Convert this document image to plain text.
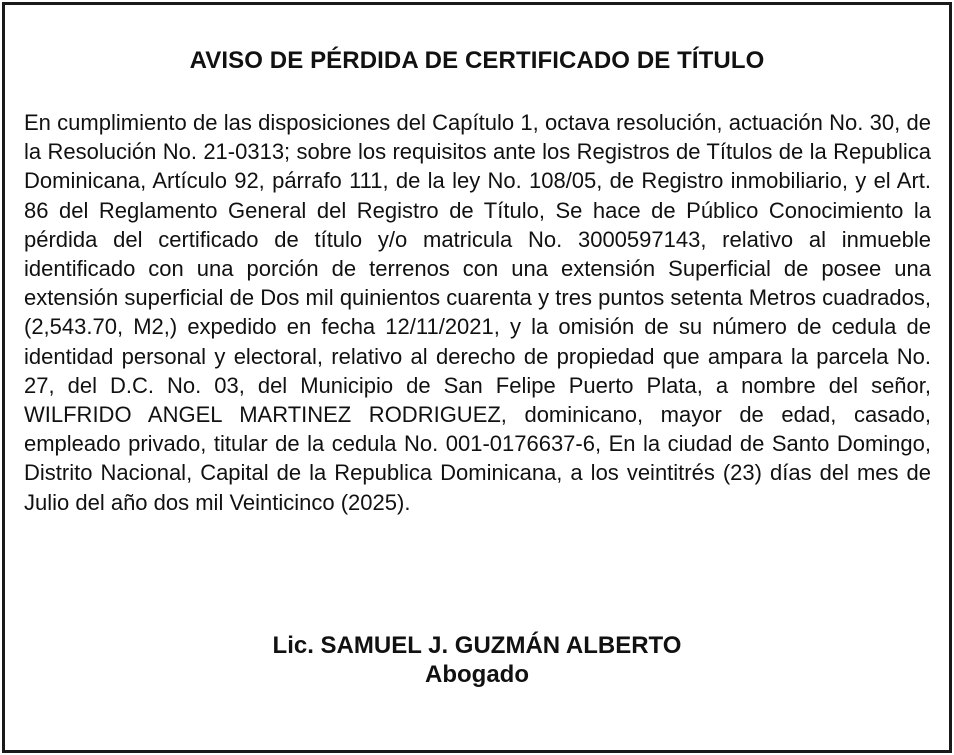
AVISO DE PÉRDIDA DE CERTIFICADO DE TÍTULO

En cumplimiento de las disposiciones del Capítulo 1, octava resolución, actuación No. 30, de la Resolución No. 21-0313; sobre los requisitos ante los Registros de Títulos de la Republica Dominicana, Artículo 92, párrafo 111, de la ley No. 108/05, de Registro inmobiliario, y el Art. 86 del Reglamento General del Registro de Título, Se hace de Público Conocimiento la pérdida del certificado de título y/o matricula No. 3000597143, relativo al inmueble identificado con una porción de terrenos con una extensión Superficial de posee una extensión superficial de Dos mil quinientos cuarenta y tres puntos setenta Metros cuadrados, (2,543.70, M2,) expedido en fecha 12/11/2021, y la omisión de su número de cedula de identidad personal y electoral, relativo al derecho de propiedad que ampara la parcela No. 27, del D.C. No. 03, del Municipio de San Felipe Puerto Plata, a nombre del señor, WILFRIDO ANGEL MARTINEZ RODRIGUEZ, dominicano, mayor de edad, casado, empleado privado, titular de la cedula No. 001-0176637-6, En la ciudad de Santo Domingo, Distrito Nacional, Capital de la Republica Dominicana, a los veintitrés (23) días del mes de Julio del año dos mil Veinticinco (2025).

Lic. SAMUEL J. GUZMÁN ALBERTO
Abogado
